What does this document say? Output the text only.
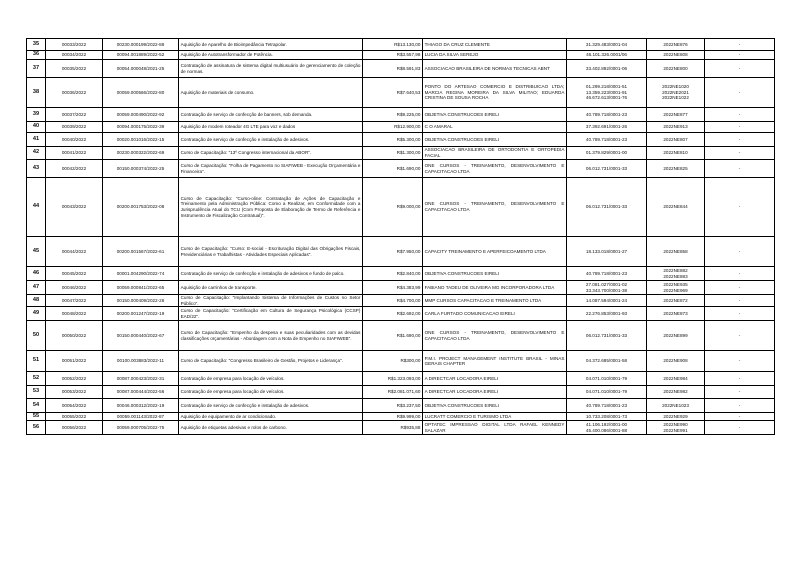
35	00033/2022	00230.000199/2022-86	Aquisição de Aparelho de Bioimpedância Tetrapolar.	R$13.130,00	THIAGO DA CRUZ CLEMENTE	31.329.483/0001-04	2022NE876	-
36	00034/2022	00094.001889/2022-52	Aquisição de Autotransformador de Potência.	R$3.557,98	LUCIA DA SILVA SEREJO	46.101.326.0001/06	2022NE808	-
37	00035/2022	00054.000048/2021-25	Contratação de assinatura de sistema digital multiusuário de gerenciamento de coleção de normas.	R$8.591,83	ASSOCIACAO BRASILEIRA DE NORMAS TECNICAS ABNT	33.402.892/0001-06	2022NE800	-
38	00036/2022	00059.000566/2022-80	Aquisição de materiais de consumo.	R$7.640,53	PONTO DO ARTESAO COMERCIO E DISTRIBUICAO LTDA; MARCIA REGINA MOREIRA DA SILVA MILITAO; EDUARDA CRISTINA DE SOUSA ROCHA	01.299.218/0001-51
13.359.223/0001-91
46.672.613/0001-76	2022NE1020
2022NE2021
2022NE1022	-
39	00037/2022	00059.000490/2022-92	Contratação de serviço de confecção de banners, sob demanda.	R$9.225,00	OBJETIVA CONSTRUCOES EIRELI	40.789.718/0001-23	2022NE877	-
40	00039/2022	00094.000175/2022-39	Aquisição de modem roteador 4G LTE para voz e dados	R$12.900,00	C O AMARAL	37.392.691/0001-26	2022NE913	-
41	00040/2022	00020.001016/2022-15	Contratação de serviço de confecção e instalação de adesivos.	R$5.300,00	OBJETIVA CONSTRUCOES EIRELI	40.789.718/0001-23	2022NE807	-
42	00041/2022	00230.000322/2022-69	Curso de Capacitação: "13º Congresso internacional da ABOR".	R$1.300,00	ASSOCIACAO BRASILEIRA DE ORTODONTIA E ORTOPEDIA FACIAL	01.379.829/0001-00	2022NE810	-
43	00042/2022	00150.000374/2022-25	Curso de Capacitação: "Folha de Pagamento no SIAFIWEB - Execução Orçamentária e Financeira".	R$1.690,00	ONE CURSOS - TREINAMENTO, DESENVOLVIMENTO E CAPACITACAO LTDA	06.012.731/0001-33	2022NE825	-
44	00043/2022	00200.001753/2022-08	Curso de Capacitação: "Curso-oline: Contratação de Ações de Capacitação e Treinamento pela Administração Pública: Como a Realizar, em Conformidade com a Jurisprudência Atual do TCU (Com Proposta de Elaboração de Termo de Referência e Instrumento de Fiscalização Contratual)".	R$9.000,00	ONE CURSOS - TREINAMENTO, DESENVOLVIMENTO E CAPACITACAO LTDA	06.012.731/0001-33	2022NE844	-
45	00044/2022	00200.001567/2022-61	Curso de Capacitação: "Curso: E-social - Escrituração Digital das Obrigações Fiscais, Previdenciárias e Trabalhistas - Atividades Especiais Aplicadas".	R$7.950,00	CAPACITY TREINAMENTO E APERFEICOAMENTO LTDA	18.133.018/0001-27	2022NE858	-
46	00045/2022	00001.004290/2022-74	Contratação de serviço de confecção e instalação de adesivos e fundo de palco.	R$2.840,00	OBJETIVA CONSTRUCOES EIRELI	40.789.718/0001-23	2022NE882
2022NE883	-
47	00046/2022	00059.000841/2022-65	Aquisição de carrinhos de transporte.	R$4.383,99	FABIANO TADEU DE OLIVEIRA MG INCORPORADORA LTDA	27.081.027/0001-02
33.343.700/0001-38	2022NE935
2022NE969	-
48	00047/2022	00150.000409/2022-26	Curso de Capacitação: "Implantando Sistema de Informações de Custos no Setor Público".	R$4.700,00	MMP CURSOS CAPACITACAO E TREINAMENTO LTDA	14.087.594/0001-24	2022NE872	-
49	00048/2022	00200.001247/2022-19	Curso de Capacitação: "Certificação em Cultura de Segurança Psicológica (CCSP) EAD/22".	R$2.692,00	CARLA FURTADO COMUNICACAO EIRELI	22.276.853/0001-93	2022NE873	-
50	00050/2022	00150.000440/2022-67	Curso de Capacitação: "Empenho da despesa e suas peculiaridades com as devidas classificações orçamentárias - Abordagem com a Nota de Empenho no SIAFIWEB".	R$1.690,00	ONE CURSOS - TREINAMENTO, DESENVOLVIMENTO E CAPACITACAO LTDA	06.012.731/0001-33	2022NE899	-
51	00051/2022	00100.003883/2022-11	Curso de Capacitação: "Congresso Brasileiro de Gestão, Projetos e Liderança".	R$300,00	P.M.I. PROJECT MANAGEMENT INSTITUTE BRASIL - MINAS GERAIS CHAPTER	04.372.685/0001-58	2022NE908	-
52	00052/2022	00087.000423/2022-31	Contratação de empresa para locação de veículos.	R$1.323.093,00	A DIRECTCAR LOCADORA EIRELI	04.071.010/0001-79	2022NE984	-
53	00053/2022	00087.000444/2022-56	Contratação de empresa para locação de veículos.	R$2.081.071,60	A DIRECTCAR LOCADORA EIRELI	04.071.010/0001-79	2022NE982	-
54	00054/2022	00046.000312/2022-19	Contratação de serviço de confecção e instalação de adesivos.	R$3.237,50	OBJETIVA CONSTRUCOES EIRELI	40.789.718/0001-23	2022NE1023	-
55	00055/2022	00059.001143/2022-87	Aquisição de equipamento de ar condicionado.	R$9.999,00	LUCRATT COMERCIO E TURISMO LTDA	10.733.208/0001-73	2022NE929	-
56	00056/2022	00059.000705/2022-75	Aquisição de etiquetas adesivas e rolos de carbono.	R$935,88	OPTATEC IMPRESSAO DIGITAL LTDA RAFAEL KENNEDY SALAZAR	41.106.192/0001-00
45.400.086/0001-88	2022NE990
2022NE991	-
